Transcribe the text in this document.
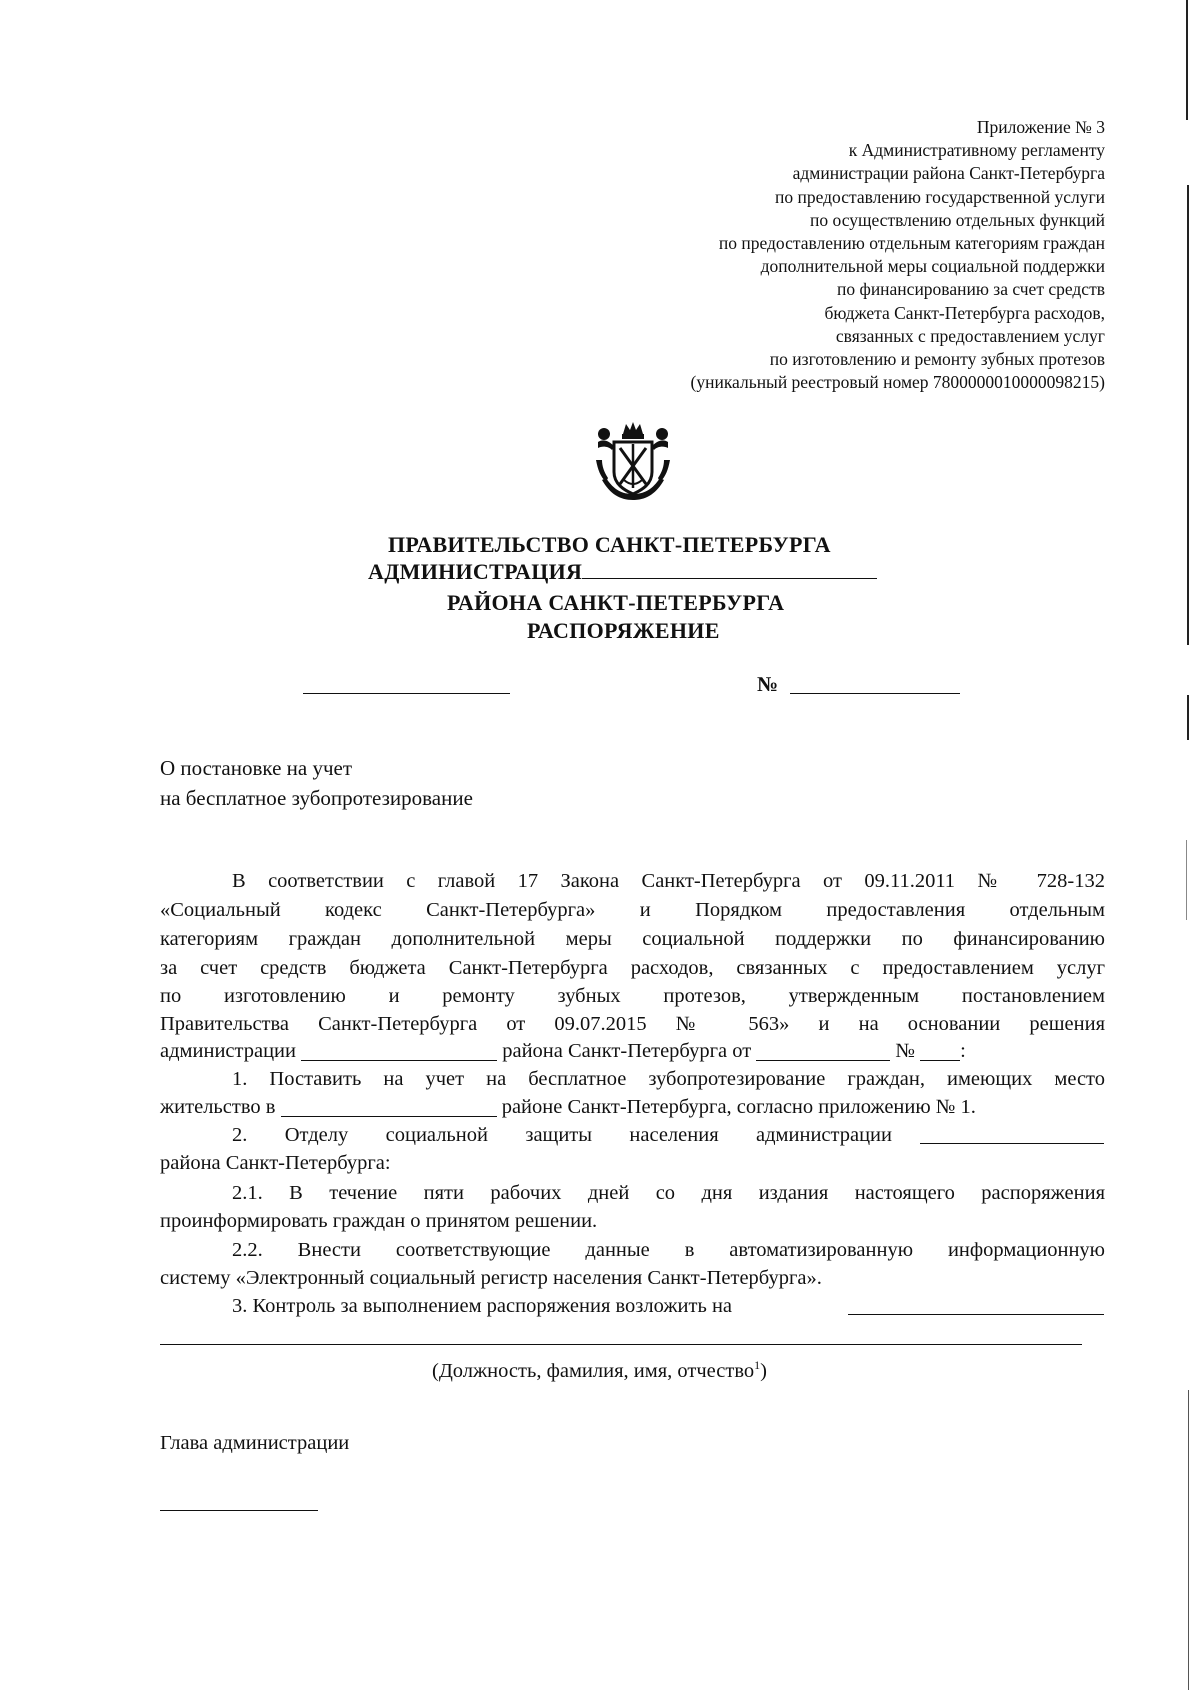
Приложение № 3
к Административному регламенту
администрации района Санкт-Петербурга
по предоставлению государственной услуги
по осуществлению отдельных функций
по предоставлению отдельным категориям граждан
дополнительной меры социальной поддержки
по финансированию за счет средств
бюджета Санкт-Петербурга расходов,
связанных с предоставлением услуг
по изготовлению и ремонту зубных протезов
(уникальный реестровый номер 7800000010000098215)
ПРАВИТЕЛЬСТВО САНКТ-ПЕТЕРБУРГА
АДМИНИСТРАЦИЯ
РАЙОНА САНКТ-ПЕТЕРБУРГА
РАСПОРЯЖЕНИЕ
№
О постановке на учет
на бесплатное зубопротезирование
В соответствии с главой 17 Закона Санкт-Петербурга от 09.11.2011 № 728-132
«Социальный кодекс Санкт-Петербурга» и Порядком предоставления отдельным
категориям граждан дополнительной меры социальной поддержки по финансированию
за счет средств бюджета Санкт-Петербурга расходов, связанных с предоставлением услуг
по изготовлению и ремонту зубных протезов, утвержденным постановлением
Правительства Санкт-Петербурга от 09.07.2015 № 563» и на основании решения
администрации	района Санкт-Петербурга от	№ :
1. Поставить на учет на бесплатное зубопротезирование граждан, имеющих место
жительство в	районе Санкт-Петербурга, согласно приложению № 1.
2. Отделу социальной защиты населения администрации
района Санкт-Петербурга:
2.1. В течение пяти рабочих дней со дня издания настоящего распоряжения
проинформировать граждан о принятом решении.
2.2. Внести соответствующие данные в автоматизированную информационную
систему «Электронный социальный регистр населения Санкт-Петербурга».
3. Контроль за выполнением распоряжения возложить на
(Должность, фамилия, имя, отчество$^1$)
Глава администрации
